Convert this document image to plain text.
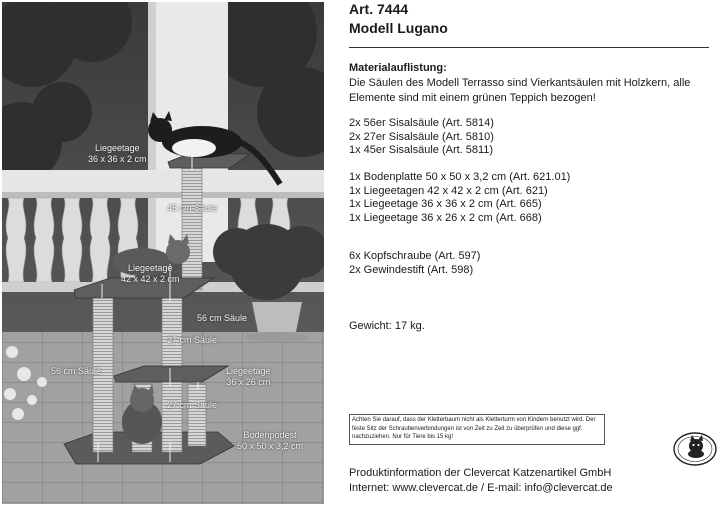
Liegeetage
36 x 36 x 2 cm
45 cm Säule
Liegeetage
42 x 42 x 2 cm
56 cm Säule
27 cm Säule
56 cm Säule	Liegeetage
36 x 26 cm
27 cm Säule
Bodenpodest
50 x 50 x 3,2 cm
Art. 7444
Modell Lugano
Materialauflistung:
Die Säulen des Modell Terrasso sind Vierkantsäulen mit Holzkern, alle Elemente sind mit einem grünen Teppich bezogen!
2x 56er Sisalsäule (Art. 5814)
2x 27er Sisalsäule (Art. 5810)
1x 45er Sisalsäule (Art. 5811)
1x Bodenplatte 50 x 50 x 3,2 cm (Art. 621.01)
1x Liegeetagen 42 x 42 x 2 cm (Art. 621)
1x Liegeetage 36 x 36 x 2 cm (Art. 665)
1x Liegeetage 36 x 26 x 2 cm (Art. 668)
6x Kopfschraube (Art. 597)
2x Gewindestift (Art. 598)
Gewicht: 17 kg.
Achten Sie darauf, dass der Kletterbaum nicht als Kletterturm von Kindern benutzt wird. Der feste Sitz der Schraubenverbindungen ist von Zeit zu Zeit zu überprüfen und diese ggf. nachzuziehen. Nur für Tiere bis 15 kg!
Produktinformation der Clevercat Katzenartikel GmbH
Internet: www.clevercat.de / E-mail: info@clevercat.de
